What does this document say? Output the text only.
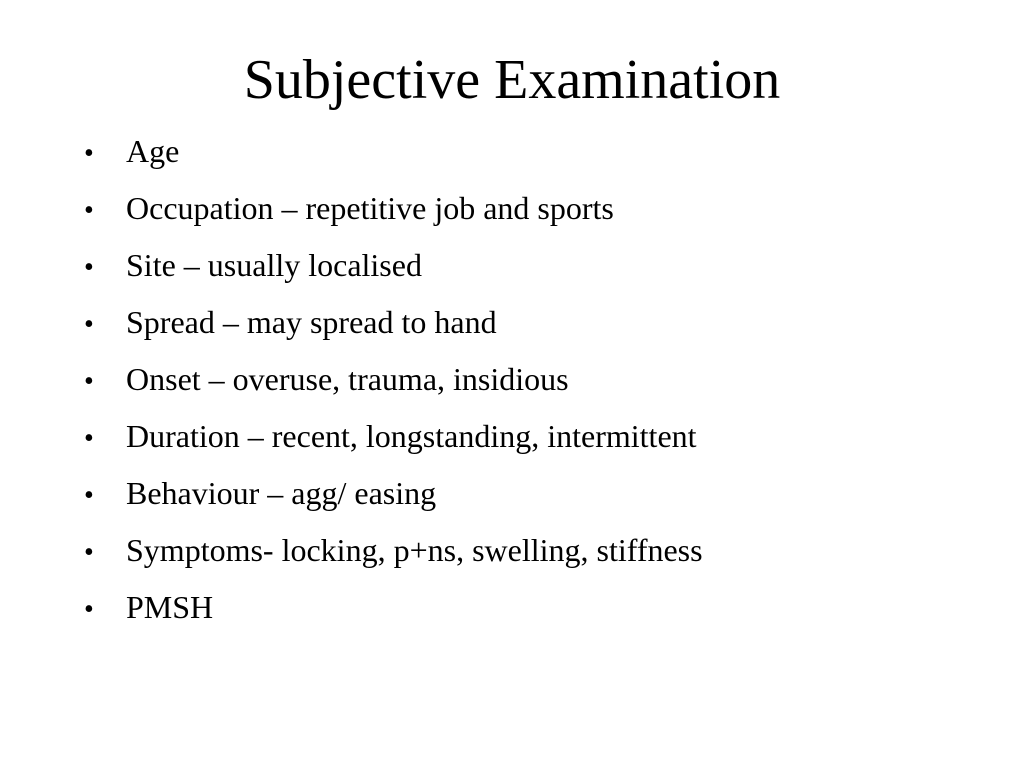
Subjective Examination
•	Age
•	Occupation – repetitive job and sports
•	Site – usually localised
•	Spread – may spread to hand
•	Onset – overuse, trauma, insidious
•	Duration – recent, longstanding, intermittent
•	Behaviour – agg/ easing
•	Symptoms- locking, p+ns, swelling, stiffness
•	PMSH
